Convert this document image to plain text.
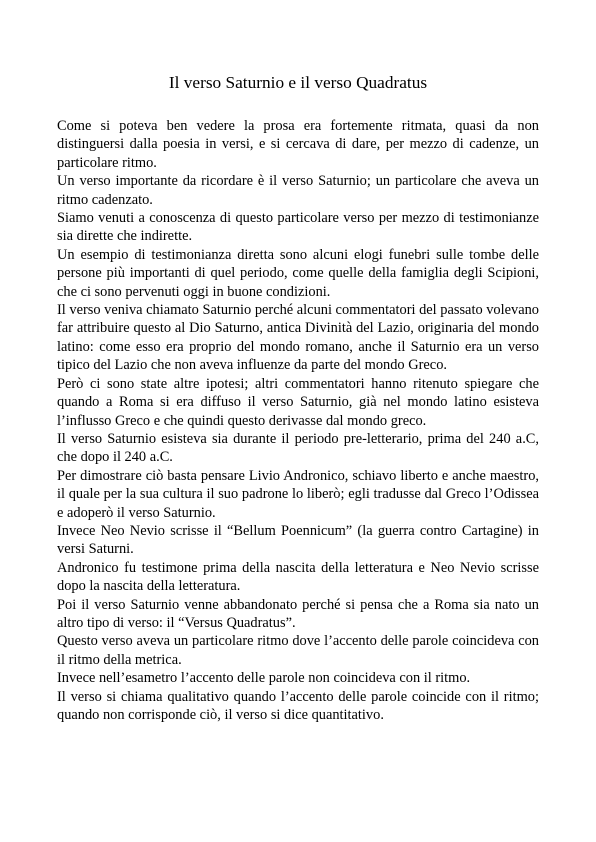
Il verso Saturnio e il verso Quadratus

Come si poteva ben vedere la prosa era fortemente ritmata, quasi da non distinguersi dalla poesia in versi, e si cercava di dare, per mezzo di cadenze, un particolare ritmo.

Un verso importante da ricordare è il verso Saturnio; un particolare che aveva un ritmo cadenzato.

Siamo venuti a conoscenza di questo particolare verso per mezzo di testimonianze sia dirette che indirette.

Un esempio di testimonianza diretta sono alcuni elogi funebri sulle tombe delle persone più importanti di quel periodo, come quelle della famiglia degli Scipioni, che ci sono pervenuti oggi in buone condizioni.

Il verso veniva chiamato Saturnio perché alcuni commentatori del passato volevano far attribuire questo al Dio Saturno, antica Divinità del Lazio, originaria del mondo latino: come esso era proprio del mondo romano, anche il Saturnio era un verso tipico del Lazio che non aveva influenze da parte del mondo Greco.

Però ci sono state altre ipotesi; altri commentatori hanno ritenuto spiegare che quando a Roma si era diffuso il verso Saturnio, già nel mondo latino esisteva l’influsso Greco e che quindi questo derivasse dal mondo greco.

Il verso Saturnio esisteva sia durante il periodo pre-letterario, prima del 240 a.C, che dopo il 240 a.C.

Per dimostrare ciò basta pensare Livio Andronico, schiavo liberto e anche maestro, il quale per la sua cultura il suo padrone lo liberò; egli tradusse dal Greco l’Odissea e adoperò il verso Saturnio.

Invece Neo Nevio scrisse il “Bellum Poennicum” (la guerra contro Cartagine) in versi Saturni.

Andronico fu testimone prima della nascita della letteratura e Neo Nevio scrisse dopo la nascita della letteratura.

Poi il verso Saturnio venne abbandonato perché si pensa che a Roma sia nato un altro tipo di verso: il “Versus Quadratus”.

Questo verso aveva un particolare ritmo dove l’accento delle parole coincideva con il ritmo della metrica.

Invece nell’esametro l’accento delle parole non coincideva con il ritmo.

Il verso si chiama qualitativo quando l’accento delle parole coincide con il ritmo; quando non corrisponde ciò, il verso si dice quantitativo.
